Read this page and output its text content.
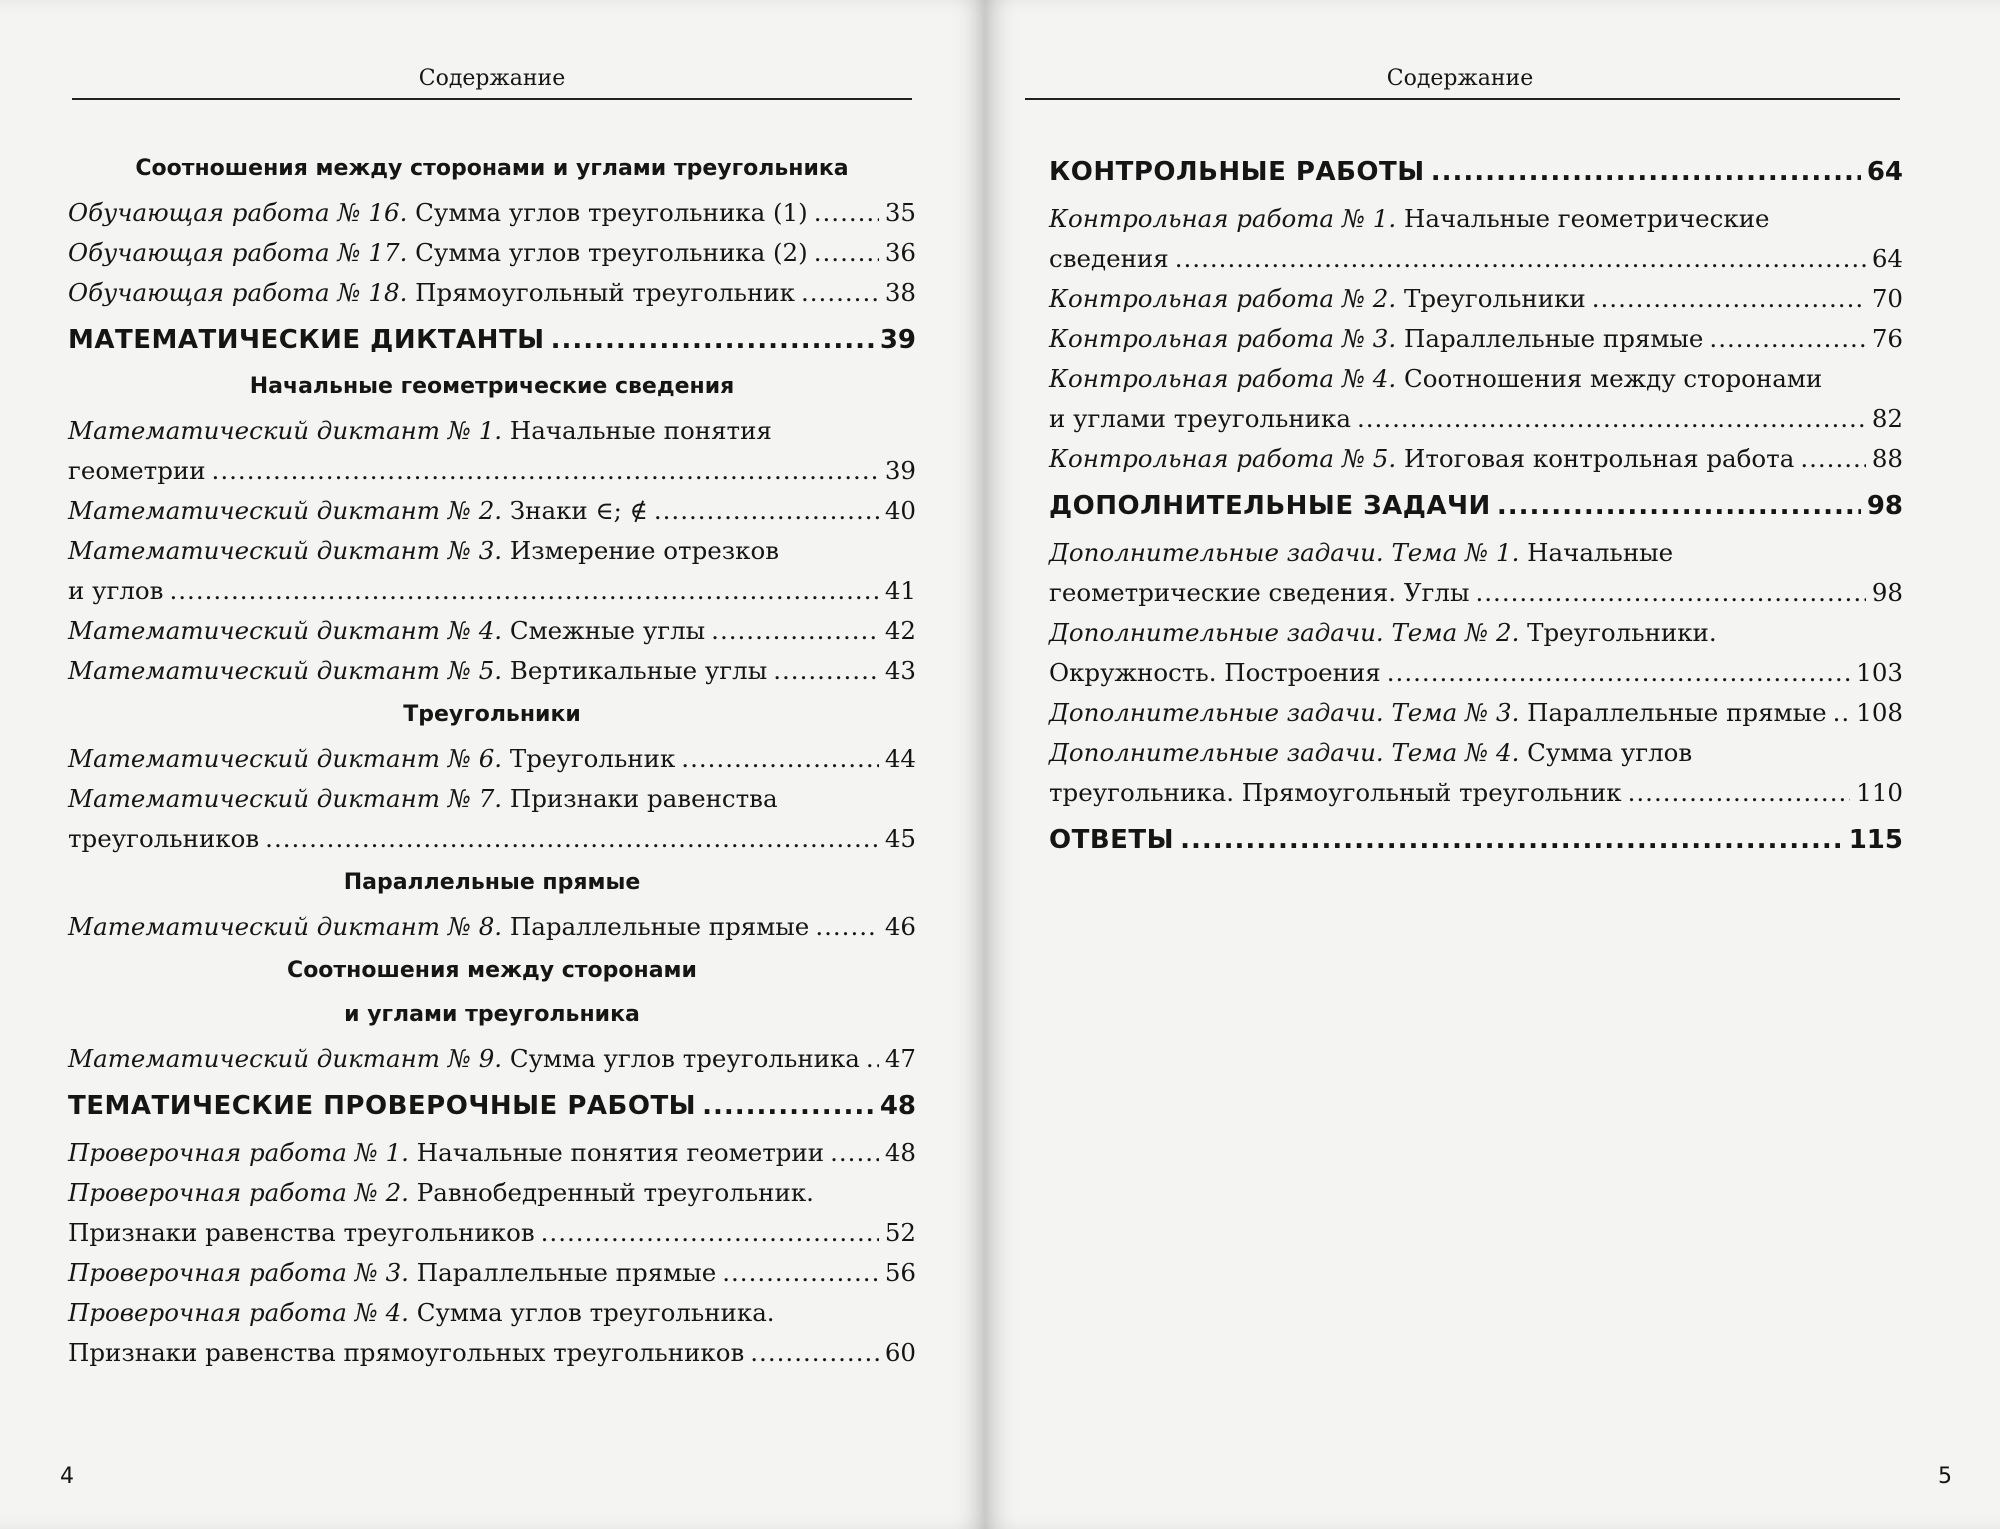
Содержание
Соотношения между сторонами и углами треугольника
Обучающая работа № 16. Сумма углов треугольника (1) .....	35
Обучающая работа № 17. Сумма углов треугольника (2) .....	36
Обучающая работа № 18. Прямоугольный треугольник .....	38
МАТЕМАТИЧЕСКИЕ ДИКТАНТЫ .....	39
Начальные геометрические сведения
Математический диктант № 1. Начальные понятия
геометрии .....	39
Математический диктант № 2. Знаки ∈; ∉ .....	40
Математический диктант № 3. Измерение отрезков
и углов .....	41
Математический диктант № 4. Смежные углы .....	42
Математический диктант № 5. Вертикальные углы .....	43
Треугольники
Математический диктант № 6. Треугольник .....	44
Математический диктант № 7. Признаки равенства
треугольников .....	45
Параллельные прямые
Математический диктант № 8. Параллельные прямые .....	46
Соотношения между сторонами
и углами треугольника
Математический диктант № 9. Сумма углов треугольника ..... 47
ТЕМАТИЧЕСКИЕ ПРОВЕРОЧНЫЕ РАБОТЫ .....	48
Проверочная работа № 1. Начальные понятия геометрии ..... 48
Проверочная работа № 2. Равнобедренный треугольник.
Признаки равенства треугольников .....	52
Проверочная работа № 3. Параллельные прямые .....	56
Проверочная работа № 4. Сумма углов треугольника.
Признаки равенства прямоугольных треугольников .....	60
4
Содержание
КОНТРОЛЬНЫЕ РАБОТЫ .....	64
Контрольная работа № 1. Начальные геометрические
сведения .....	64
Контрольная работа № 2. Треугольники .....	70
Контрольная работа № 3. Параллельные прямые .....	76
Контрольная работа № 4. Соотношения между сторонами
и углами треугольника .....	82
Контрольная работа № 5. Итоговая контрольная работа .....	88
ДОПОЛНИТЕЛЬНЫЕ ЗАДАЧИ .....	98
Дополнительные задачи. Тема № 1. Начальные
геометрические сведения. Углы .....	98
Дополнительные задачи. Тема № 2. Треугольники.
Окружность. Построения .....	103
Дополнительные задачи. Тема № 3. Параллельные прямые ..... 108
Дополнительные задачи. Тема № 4. Сумма углов
треугольника. Прямоугольный треугольник .....	110
ОТВЕТЫ .....	115
5
